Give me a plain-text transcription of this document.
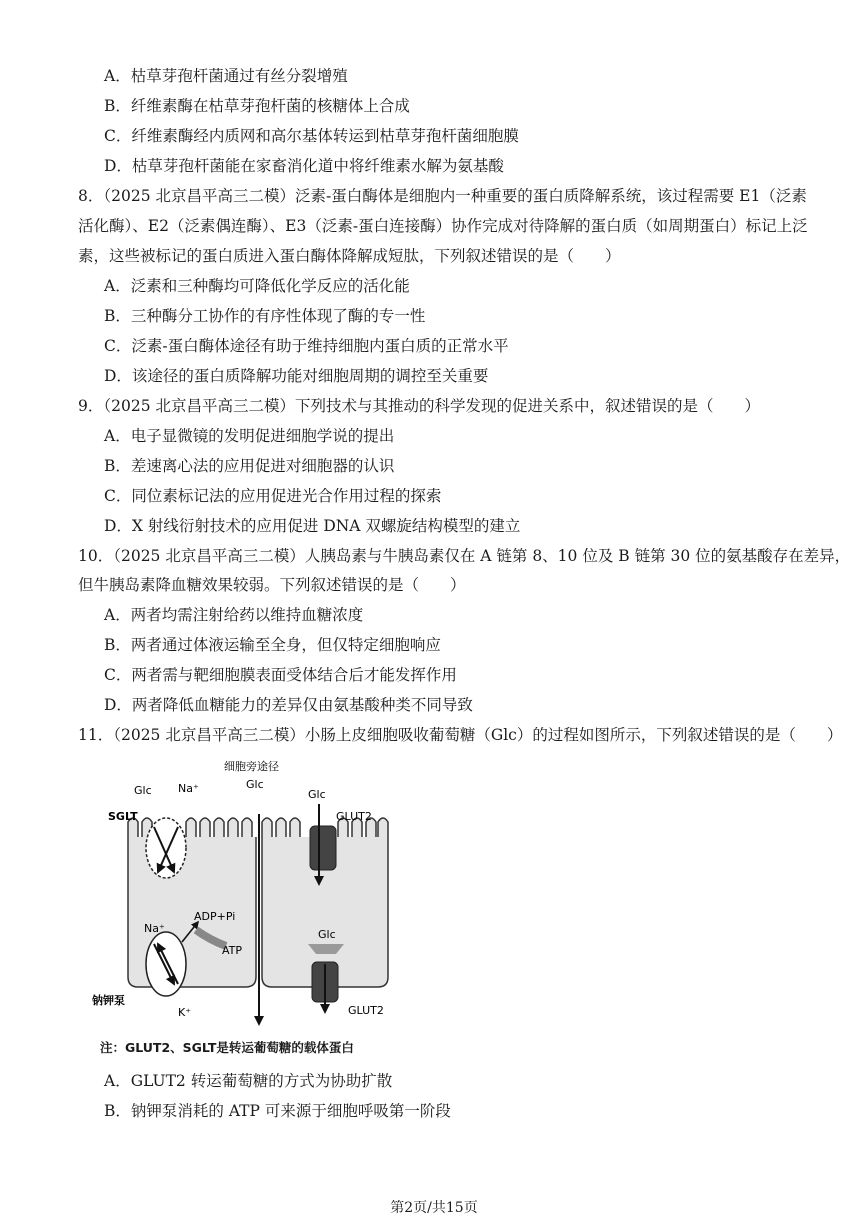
A．枯草芽孢杆菌通过有丝分裂增殖
B．纤维素酶在枯草芽孢杆菌的核糖体上合成
C．纤维素酶经内质网和高尔基体转运到枯草芽孢杆菌细胞膜
D．枯草芽孢杆菌能在家畜消化道中将纤维素水解为氨基酸
8．（2025 北京昌平高三二模）泛素-蛋白酶体是细胞内一种重要的蛋白质降解系统，该过程需要 E1（泛素
活化酶）、E2（泛素偶连酶）、E3（泛素-蛋白连接酶）协作完成对待降解的蛋白质（如周期蛋白）标记上泛
素，这些被标记的蛋白质进入蛋白酶体降解成短肽，下列叙述错误的是（　　）
A．泛素和三种酶均可降低化学反应的活化能
B．三种酶分工协作的有序性体现了酶的专一性
C．泛素-蛋白酶体途径有助于维持细胞内蛋白质的正常水平
D．该途径的蛋白质降解功能对细胞周期的调控至关重要
9．（2025 北京昌平高三二模）下列技术与其推动的科学发现的促进关系中，叙述错误的是（　　）
A．电子显微镜的发明促进细胞学说的提出
B．差速离心法的应用促进对细胞器的认识
C．同位素标记法的应用促进光合作用过程的探索
D．X 射线衍射技术的应用促进 DNA 双螺旋结构模型的建立
10．（2025 北京昌平高三二模）人胰岛素与牛胰岛素仅在 A 链第 8、10 位及 B 链第 30 位的氨基酸存在差异，
但牛胰岛素降血糖效果较弱。下列叙述错误的是（　　）
A．两者均需注射给药以维持血糖浓度
B．两者通过体液运输至全身，但仅特定细胞响应
C．两者需与靶细胞膜表面受体结合后才能发挥作用
D．两者降低血糖能力的差异仅由氨基酸种类不同导致
11．（2025 北京昌平高三二模）小肠上皮细胞吸收葡萄糖（Glc）的过程如图所示，下列叙述错误的是（　　）
细胞旁途径
Glc
Glc Na⁺
SGLT
Na⁺
ADP+Pi
ATP
钠钾泵
K⁺
Glc
GLUT2
Glc
GLUT2
注：GLUT2、SGLT是转运葡萄糖的载体蛋白
A．GLUT2 转运葡萄糖的方式为协助扩散
B．钠钾泵消耗的 ATP 可来源于细胞呼吸第一阶段
第2页/共15页
